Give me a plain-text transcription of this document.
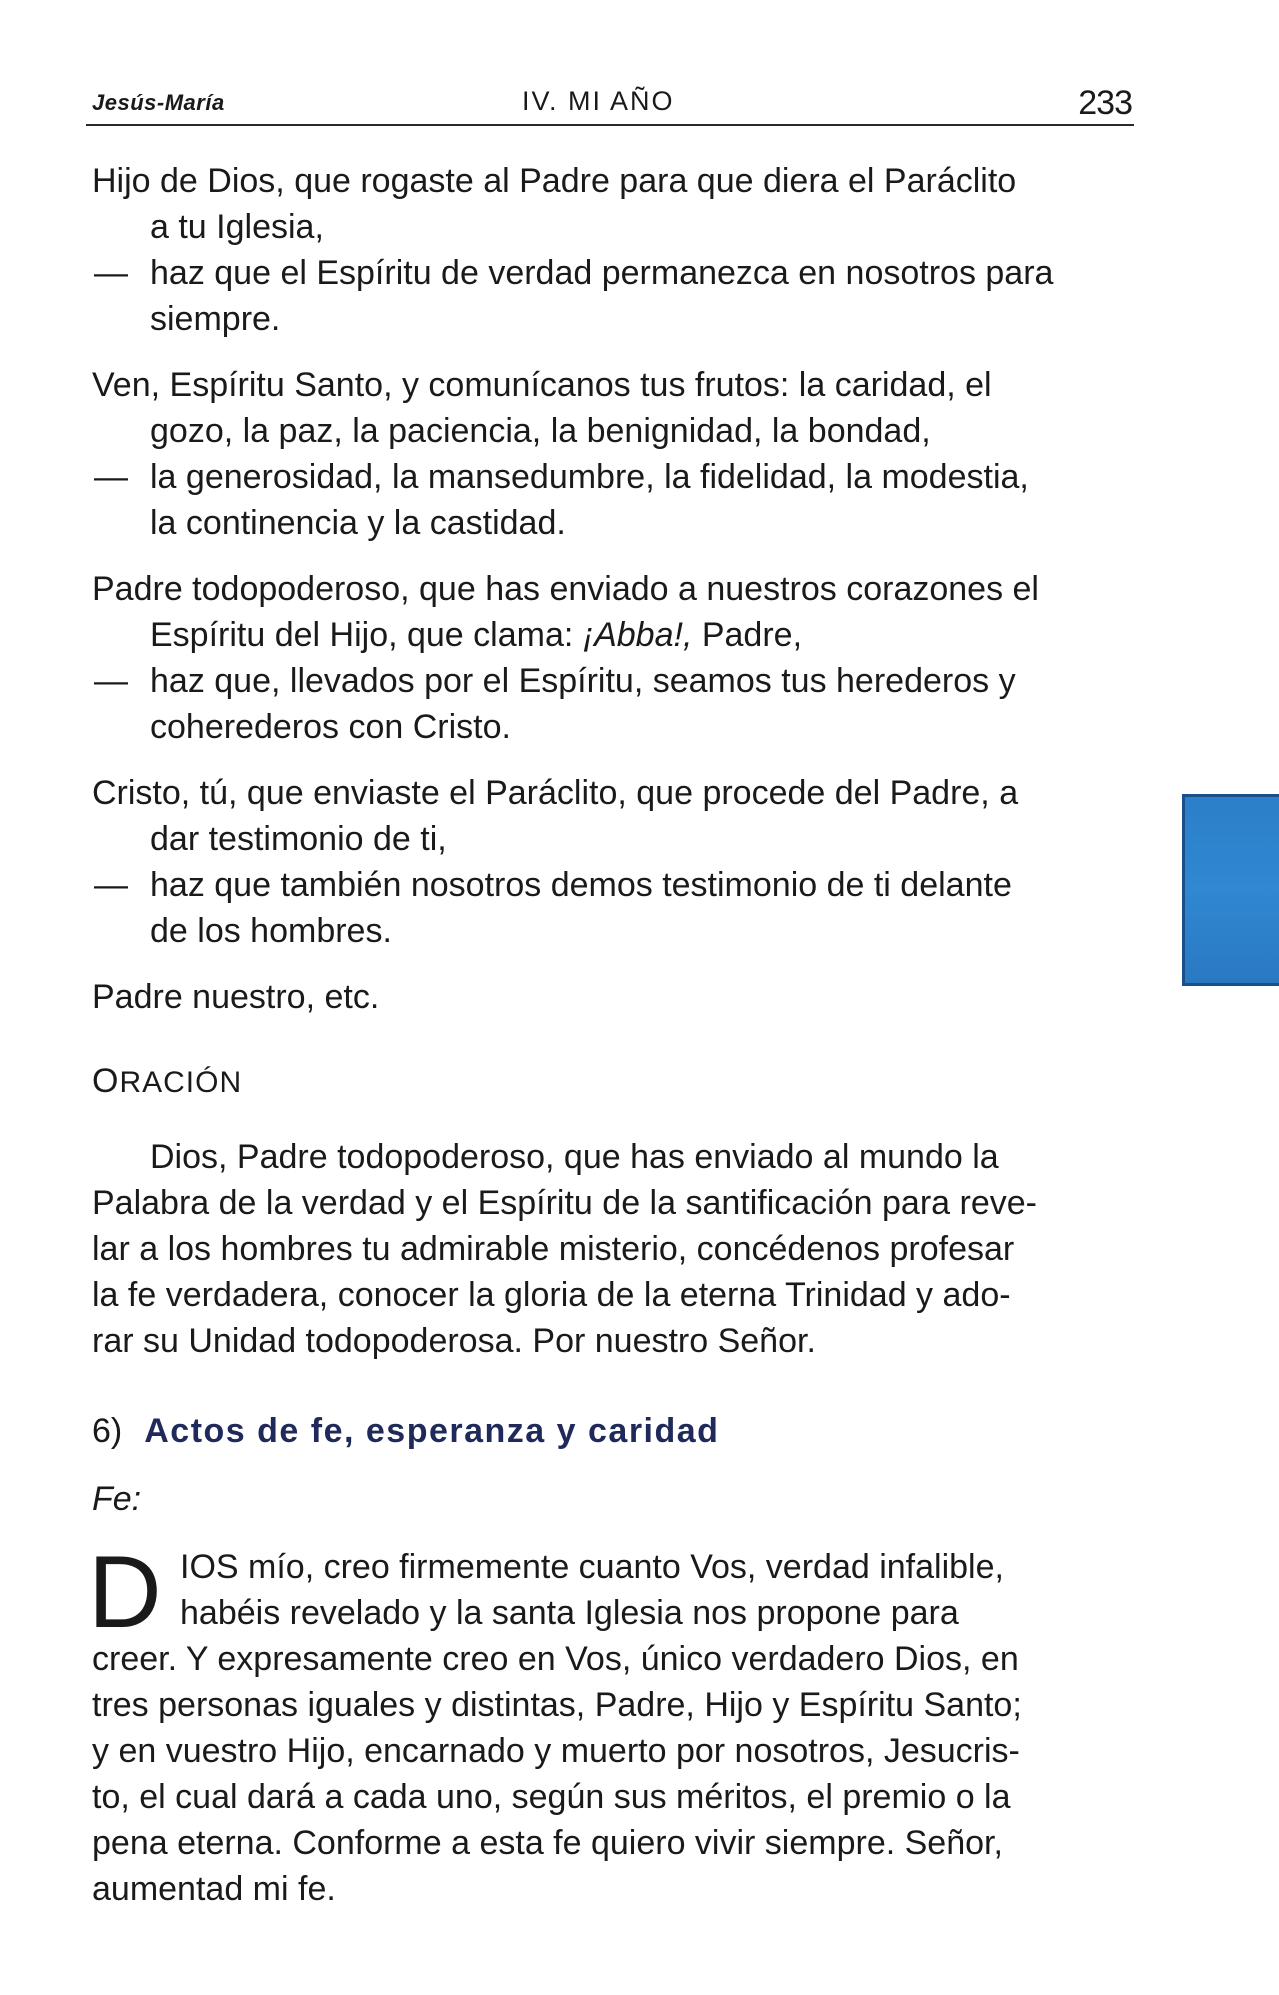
Jesús-María	IV. MI AÑO	233
Hijo de Dios, que rogaste al Padre para que diera el Paráclito
a tu Iglesia,
— haz que el Espíritu de verdad permanezca en nosotros para
siempre.
Ven, Espíritu Santo, y comunícanos tus frutos: la caridad, el
gozo, la paz, la paciencia, la benignidad, la bondad,
— la generosidad, la mansedumbre, la fidelidad, la modestia,
la continencia y la castidad.
Padre todopoderoso, que has enviado a nuestros corazones el
Espíritu del Hijo, que clama: ¡Abba!, Padre,
— haz que, llevados por el Espíritu, seamos tus herederos y
coherederos con Cristo.
Cristo, tú, que enviaste el Paráclito, que procede del Padre, a
dar testimonio de ti,
— haz que también nosotros demos testimonio de ti delante
de los hombres.
Padre nuestro, etc.
ORACIÓN
Dios, Padre todopoderoso, que has enviado al mundo la
Palabra de la verdad y el Espíritu de la santificación para reve-
lar a los hombres tu admirable misterio, concédenos profesar
la fe verdadera, conocer la gloria de la eterna Trinidad y ado-
rar su Unidad todopoderosa. Por nuestro Señor.
6) Actos de fe, esperanza y caridad
Fe:
D IOS mío, creo firmemente cuanto Vos, verdad infalible,
habéis revelado y la santa Iglesia nos propone para
creer. Y expresamente creo en Vos, único verdadero Dios, en
tres personas iguales y distintas, Padre, Hijo y Espíritu Santo;
y en vuestro Hijo, encarnado y muerto por nosotros, Jesucris-
to, el cual dará a cada uno, según sus méritos, el premio o la
pena eterna. Conforme a esta fe quiero vivir siempre. Señor,
aumentad mi fe.
